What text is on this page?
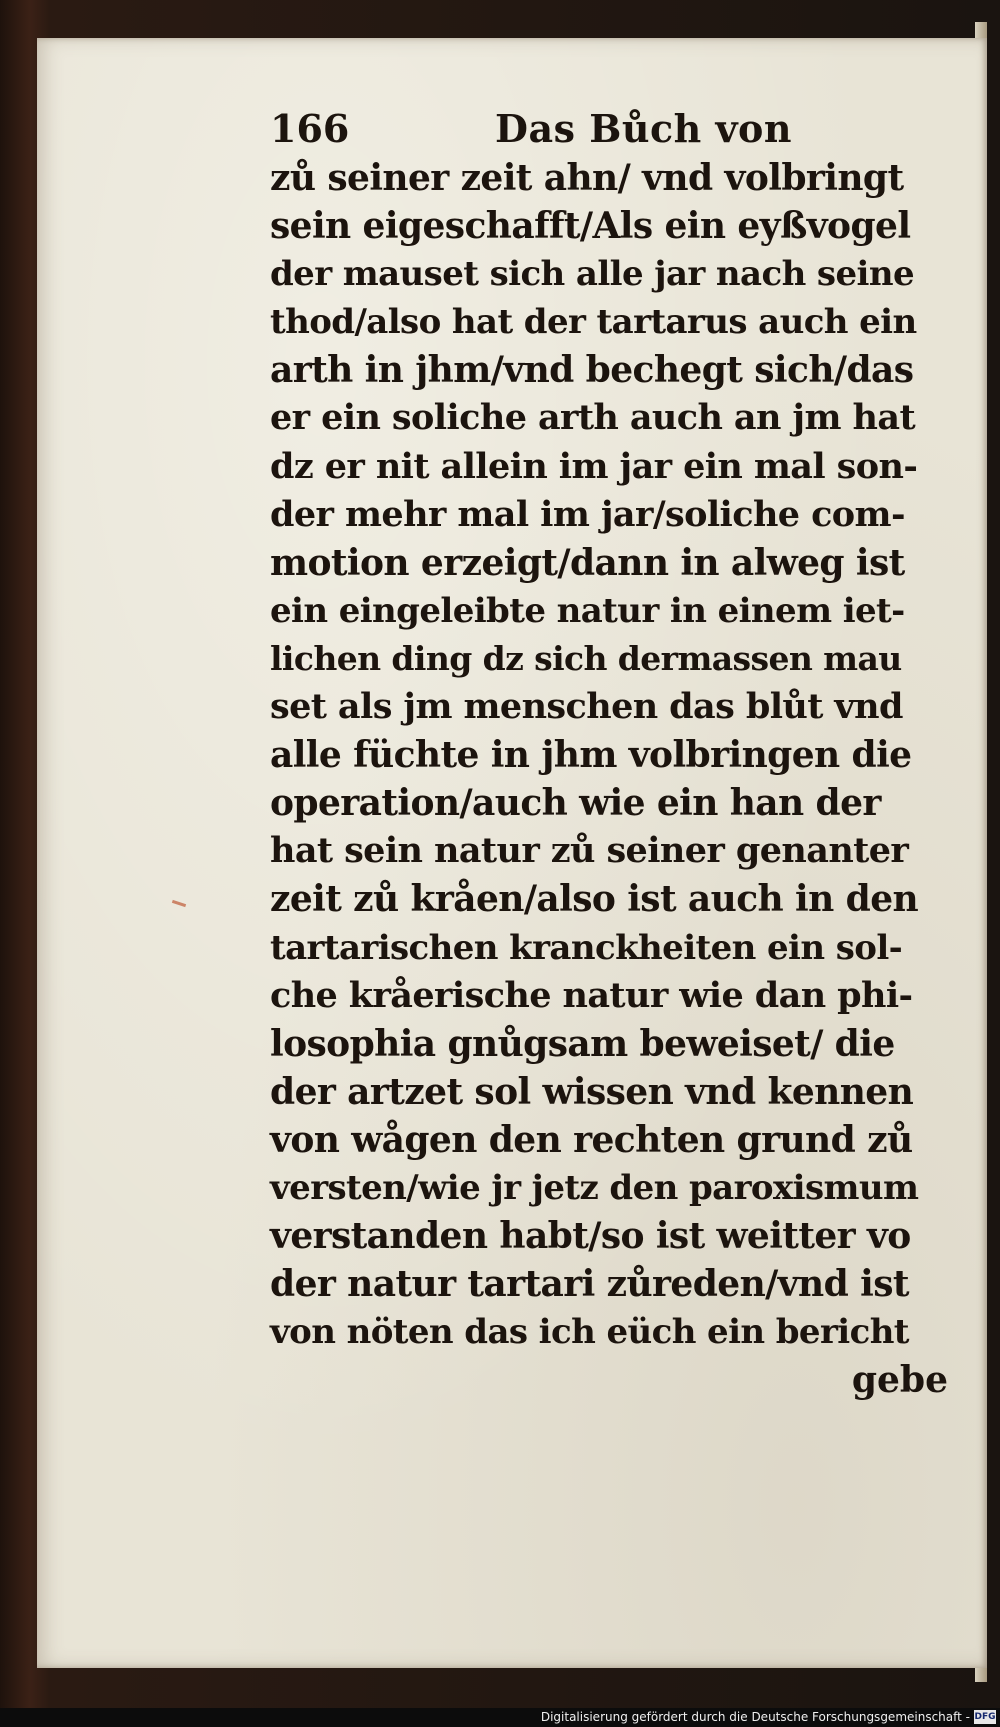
166	Das Bůch von
zů seiner zeit ahn/ vnd volbringt
sein eigeschafft/Als ein eyßvogel
der mauset sich alle jar nach seine
thod/also hat der tartarus auch ein
arth in jhm/vnd bechegt sich/das
er ein soliche arth auch an jm hat
dz er nit allein im jar ein mal son-
der mehr mal im jar/soliche com-
motion erzeigt/dann in alweg ist
ein eingeleibte natur in einem iet-
lichen ding dz sich dermassen mau
set als jm menschen das blůt vnd
alle füchte in jhm volbringen die
operation/auch wie ein han der
hat sein natur zů seiner genanter
zeit zů kråen/also ist auch in den
tartarischen kranckheiten ein sol-
che kråerische natur wie dan phi-
losophia gnůgsam beweiset/ die
der artzet sol wissen vnd kennen
von wågen den rechten grund zů
versten/wie jr jetz den paroxismum
verstanden habt/so ist weitter vo
der natur tartari zůreden/vnd ist
von nöten das ich eüch ein bericht
gebe
Digitalisierung gefördert durch die Deutsche Forschungsgemeinschaft - DFG
